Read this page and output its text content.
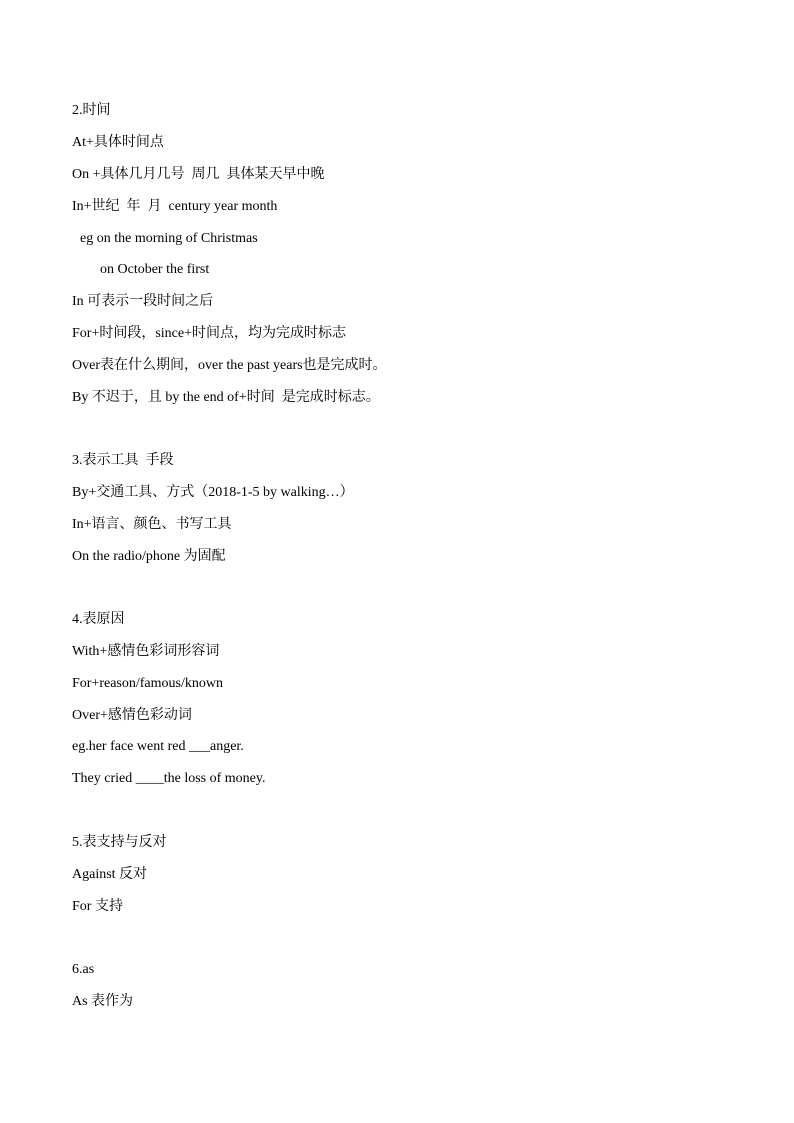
2.时间
At+具体时间点
On +具体几月几号  周几  具体某天早中晚
In+世纪  年  月  century year month
eg on the morning of Christmas
on October the first
In 可表示一段时间之后
For+时间段，since+时间点，均为完成时标志
Over表在什么期间，over the past years也是完成时。
By 不迟于，且 by the end of+时间  是完成时标志。
3.表示工具  手段
By+交通工具、方式（2018-1-5 by walking…）
In+语言、颜色、书写工具
On the radio/phone 为固配
4.表原因
With+感情色彩词形容词
For+reason/famous/known
Over+感情色彩动词
eg.her face went red ___anger.
They cried ____the loss of money.
5.表支持与反对
Against 反对
For 支持
6.as
As 表作为
